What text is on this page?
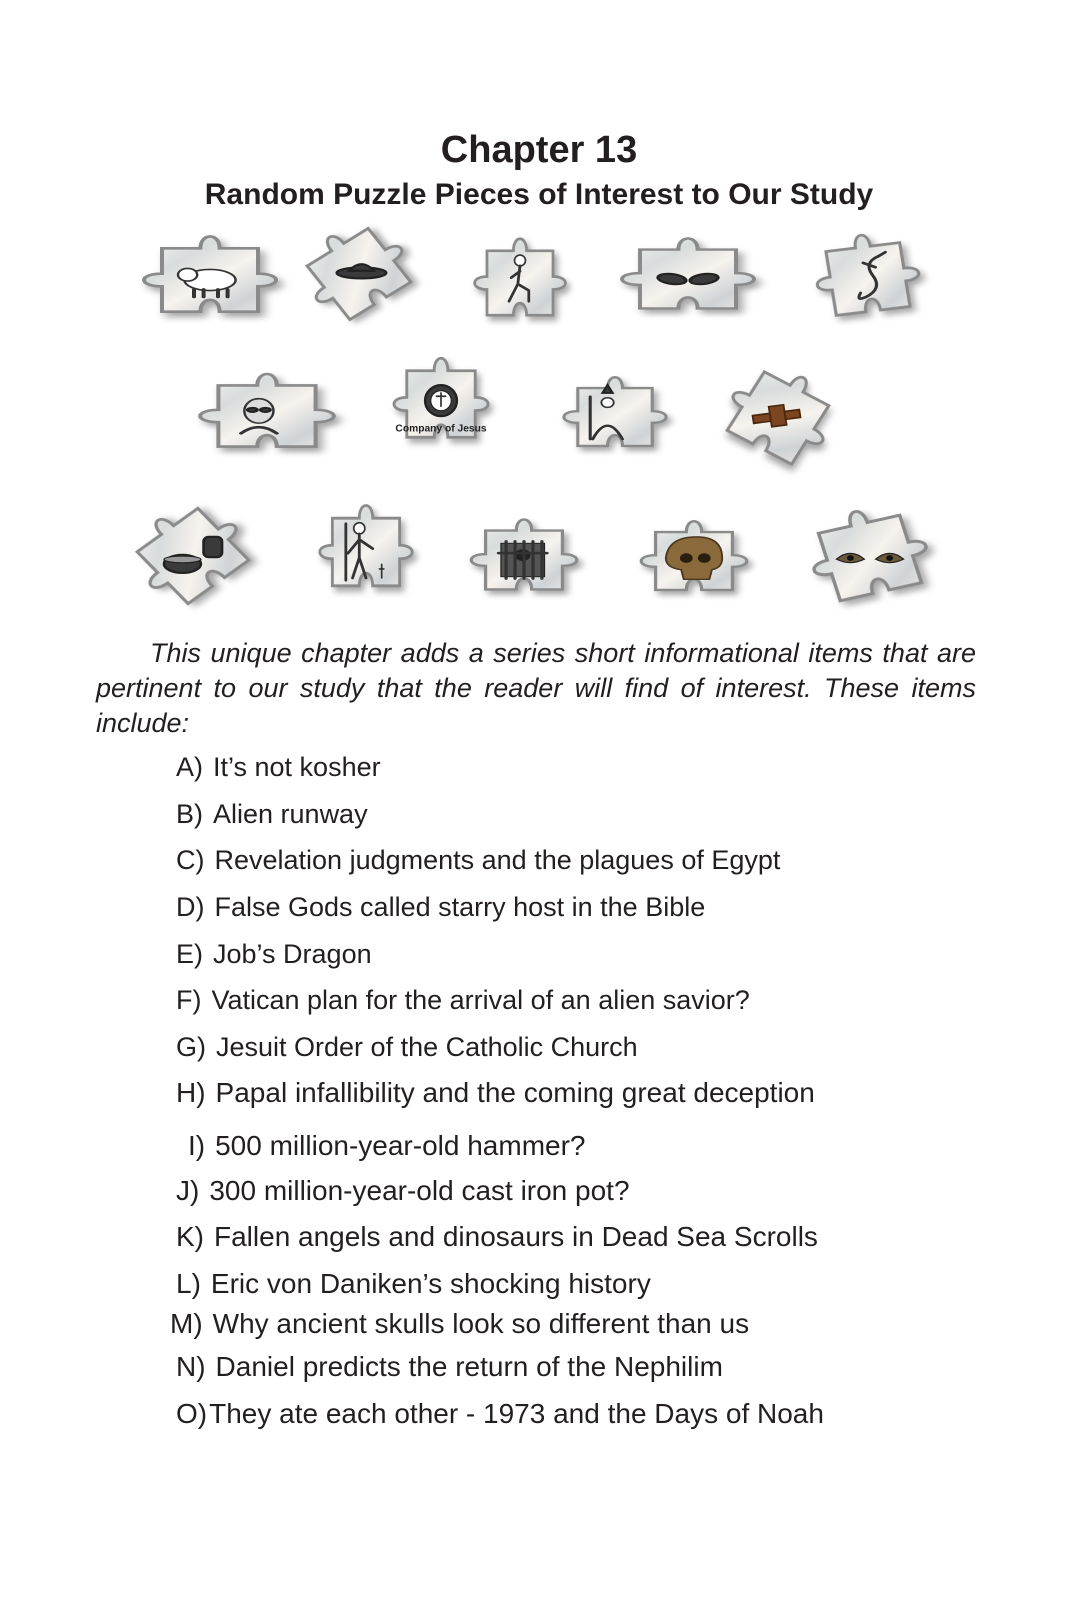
Chapter 13
Random Puzzle Pieces of Interest to Our Study
Company of Jesus

This unique chapter adds a series short informational items that are pertinent to our study that the reader will find of interest. These items include:

A) It’s not kosher
B) Alien runway
C) Revelation judgments and the plagues of Egypt
D) False Gods called starry host in the Bible
E) Job’s Dragon
F) Vatican plan for the arrival of an alien savior?
G) Jesuit Order of the Catholic Church
H) Papal infallibility and the coming great deception
I) 500 million-year-old hammer?
J) 300 million-year-old cast iron pot?
K) Fallen angels and dinosaurs in Dead Sea Scrolls
L) Eric von Daniken’s shocking history
M) Why ancient skulls look so different than us
N) Daniel predicts the return of the Nephilim
O)They ate each other - 1973 and the Days of Noah
